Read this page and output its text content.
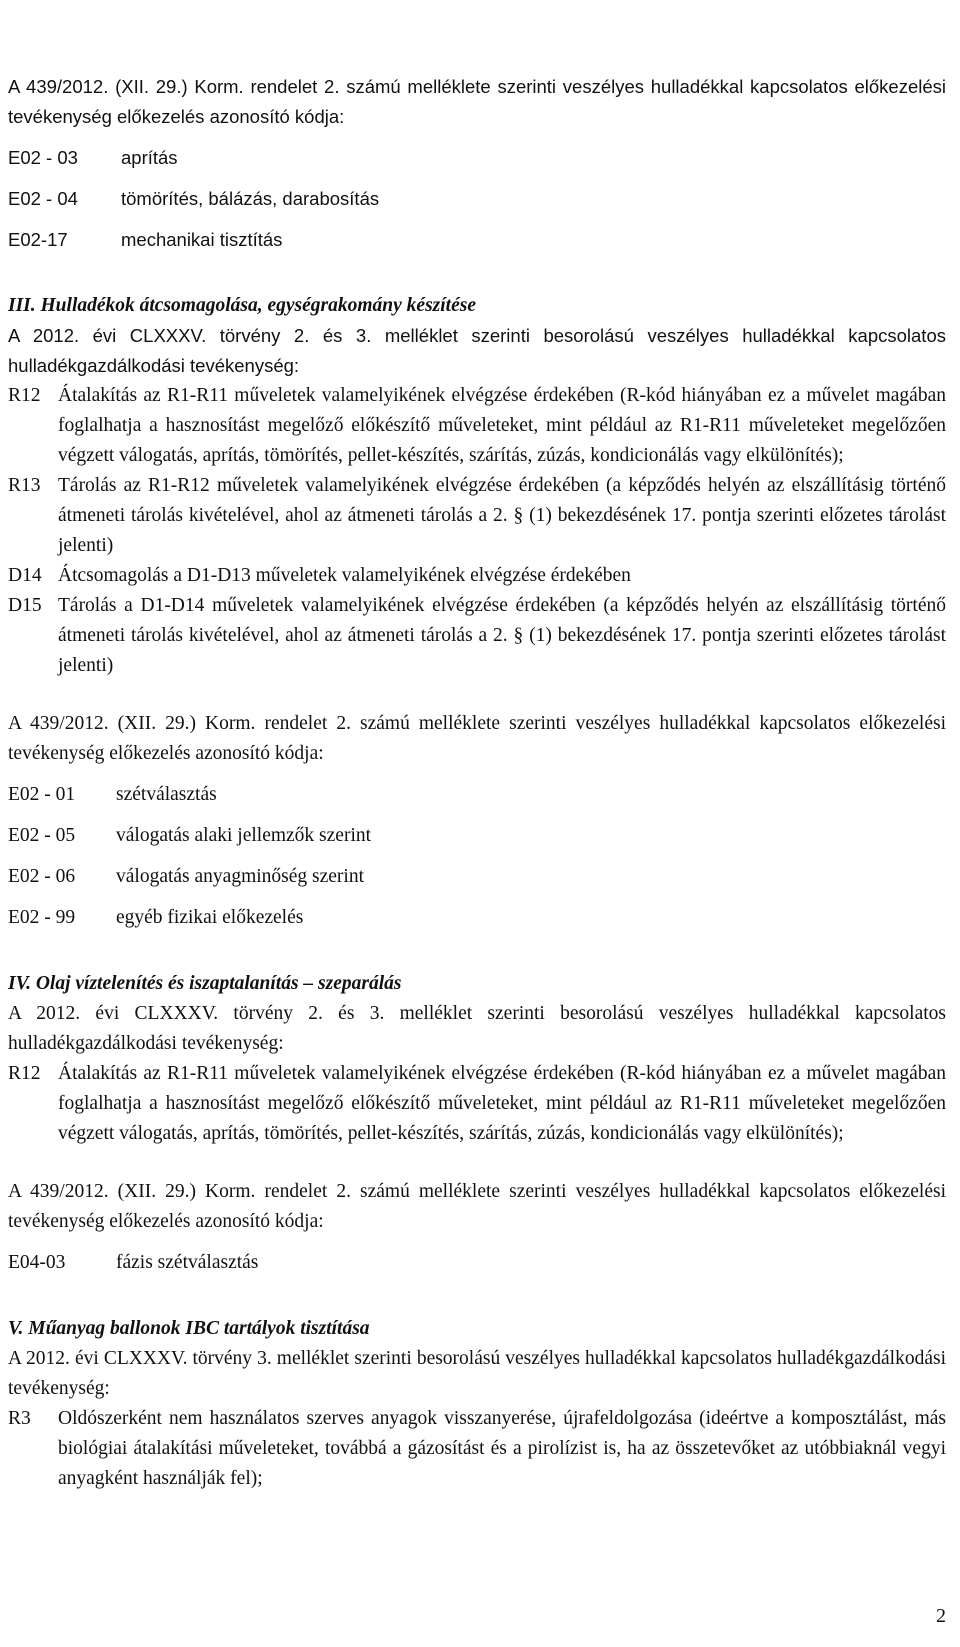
A 439/2012. (XII. 29.) Korm. rendelet 2. számú melléklete szerinti veszélyes hulladékkal kapcsolatos előkezelési tevékenység előkezelés azonosító kódja:

E02 - 03	aprítás
E02 - 04	tömörítés, bálázás, darabosítás
E02-17	mechanikai tisztítás

III. Hulladékok átcsomagolása, egységrakomány készítése

A 2012. évi CLXXXV. törvény 2. és 3. melléklet szerinti besorolású veszélyes hulladékkal kapcsolatos hulladékgazdálkodási tevékenység:

R12 Átalakítás az R1-R11 műveletek valamelyikének elvégzése érdekében (R-kód hiányában ez a művelet magában foglalhatja a hasznosítást megelőző előkészítő műveleteket, mint például az R1-R11 műveleteket megelőzően végzett válogatás, aprítás, tömörítés, pellet-készítés, szárítás, zúzás, kondicionálás vagy elkülönítés);
R13 Tárolás az R1-R12 műveletek valamelyikének elvégzése érdekében (a képződés helyén az elszállításig történő átmeneti tárolás kivételével, ahol az átmeneti tárolás a 2. § (1) bekezdésének 17. pontja szerinti előzetes tárolást jelenti)
D14 Átcsomagolás a D1-D13 műveletek valamelyikének elvégzése érdekében
D15 Tárolás a D1-D14 műveletek valamelyikének elvégzése érdekében (a képződés helyén az elszállításig történő átmeneti tárolás kivételével, ahol az átmeneti tárolás a 2. § (1) bekezdésének 17. pontja szerinti előzetes tárolást jelenti)

A 439/2012. (XII. 29.) Korm. rendelet 2. számú melléklete szerinti veszélyes hulladékkal kapcsolatos előkezelési tevékenység előkezelés azonosító kódja:

E02 - 01	szétválasztás
E02 - 05	válogatás alaki jellemzők szerint
E02 - 06	válogatás anyagminőség szerint
E02 - 99	egyéb fizikai előkezelés

IV. Olaj víztelenítés és iszaptalanítás – szeparálás

A 2012. évi CLXXXV. törvény 2. és 3. melléklet szerinti besorolású veszélyes hulladékkal kapcsolatos hulladékgazdálkodási tevékenység:

R12 Átalakítás az R1-R11 műveletek valamelyikének elvégzése érdekében (R-kód hiányában ez a művelet magában foglalhatja a hasznosítást megelőző előkészítő műveleteket, mint például az R1-R11 műveleteket megelőzően végzett válogatás, aprítás, tömörítés, pellet-készítés, szárítás, zúzás, kondicionálás vagy elkülönítés);

A 439/2012. (XII. 29.) Korm. rendelet 2. számú melléklete szerinti veszélyes hulladékkal kapcsolatos előkezelési tevékenység előkezelés azonosító kódja:

E04-03	fázis szétválasztás

V. Műanyag ballonok IBC tartályok tisztítása

A 2012. évi CLXXXV. törvény 3. melléklet szerinti besorolású veszélyes hulladékkal kapcsolatos hulladékgazdálkodási tevékenység:

R3	Oldószerként nem használatos szerves anyagok visszanyerése, újrafeldolgozása (ideértve a komposztálást, más biológiai átalakítási műveleteket, továbbá a gázosítást és a pirolízist is, ha az összetevőket az utóbbiaknál vegyi anyagként használják fel);
2
